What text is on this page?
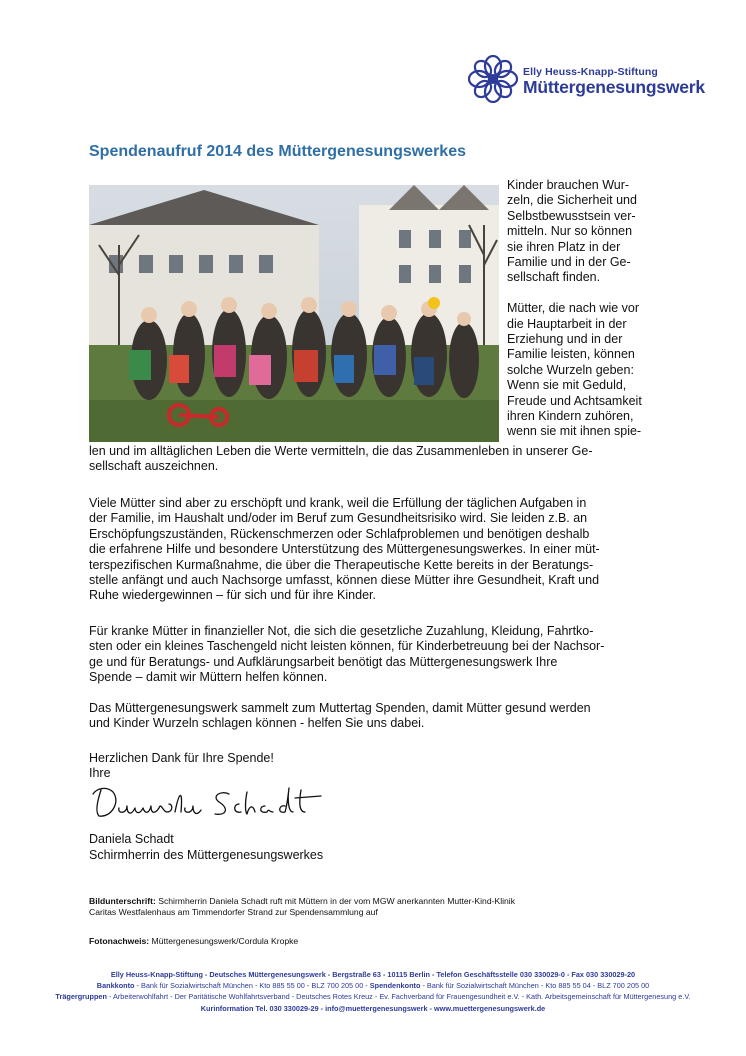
Elly Heuss-Knapp-Stiftung
Müttergenesungswerk
Spendenaufruf 2014 des Müttergenesungswerkes

Kinder brauchen Wur-
zeln, die Sicherheit und
Selbstbewusstsein ver-
mitteln. Nur so können
sie ihren Platz in der
Familie und in der Ge-
sellschaft finden.

Mütter, die nach wie vor
die Hauptarbeit in der
Erziehung und in der
Familie leisten, können
solche Wurzeln geben:
Wenn sie mit Geduld,
Freude und Achtsamkeit
ihren Kindern zuhören,
wenn sie mit ihnen spie-

len und im alltäglichen Leben die Werte vermitteln, die das Zusammenleben in unserer Ge-
sellschaft auszeichnen.
Viele Mütter sind aber zu erschöpft und krank, weil die Erfüllung der täglichen Aufgaben in
der Familie, im Haushalt und/oder im Beruf zum Gesundheitsrisiko wird. Sie leiden z.B. an
Erschöpfungszuständen, Rückenschmerzen oder Schlafproblemen und benötigen deshalb
die erfahrene Hilfe und besondere Unterstützung des Müttergenesungswerkes. In einer müt-
terspezifischen Kurmaßnahme, die über die Therapeutische Kette bereits in der Beratungs-
stelle anfängt und auch Nachsorge umfasst, können diese Mütter ihre Gesundheit, Kraft und
Ruhe wiedergewinnen – für sich und für ihre Kinder.
Für kranke Mütter in finanzieller Not, die sich die gesetzliche Zuzahlung, Kleidung, Fahrtko-
sten oder ein kleines Taschengeld nicht leisten können, für Kinderbetreuung bei der Nachsor-
ge und für Beratungs- und Aufklärungsarbeit benötigt das Müttergenesungswerk Ihre
Spende – damit wir Müttern helfen können.
Das Müttergenesungswerk sammelt zum Muttertag Spenden, damit Mütter gesund werden
und Kinder Wurzeln schlagen können - helfen Sie uns dabei.
Herzlichen Dank für Ihre Spende!
Ihre
Daniela Schadt
Schirmherrin des Müttergenesungswerkes
Bildunterschrift: Schirmherrin Daniela Schadt ruft mit Müttern in der vom MGW anerkannten Mutter-Kind-Klinik
Caritas Westfalenhaus am Timmendorfer Strand zur Spendensammlung auf
Fotonachweis: Müttergenesungswerk/Cordula Kropke
Elly Heuss-Knapp-Stiftung - Deutsches Müttergenesungswerk - Bergstraße 63 - 10115 Berlin - Telefon Geschäftsstelle 030 330029-0 - Fax 030 330029-20
Bankkonto - Bank für Sozialwirtschaft München - Kto 885 55 00 - BLZ 700 205 00 - Spendenkonto - Bank für Sozialwirtschaft München - Kto 885 55 04 - BLZ 700 205 00
Trägergruppen - Arbeiterwohlfahrt - Der Paritätische Wohlfahrtsverband - Deutsches Rotes Kreuz - Ev. Fachverband für Frauengesundheit e.V. - Kath. Arbeitsgemeinschaft für Müttergenesung e.V.
Kurinformation Tel. 030 330029-29 - info@muettergenesungswerk - www.muettergenesungswerk.de
